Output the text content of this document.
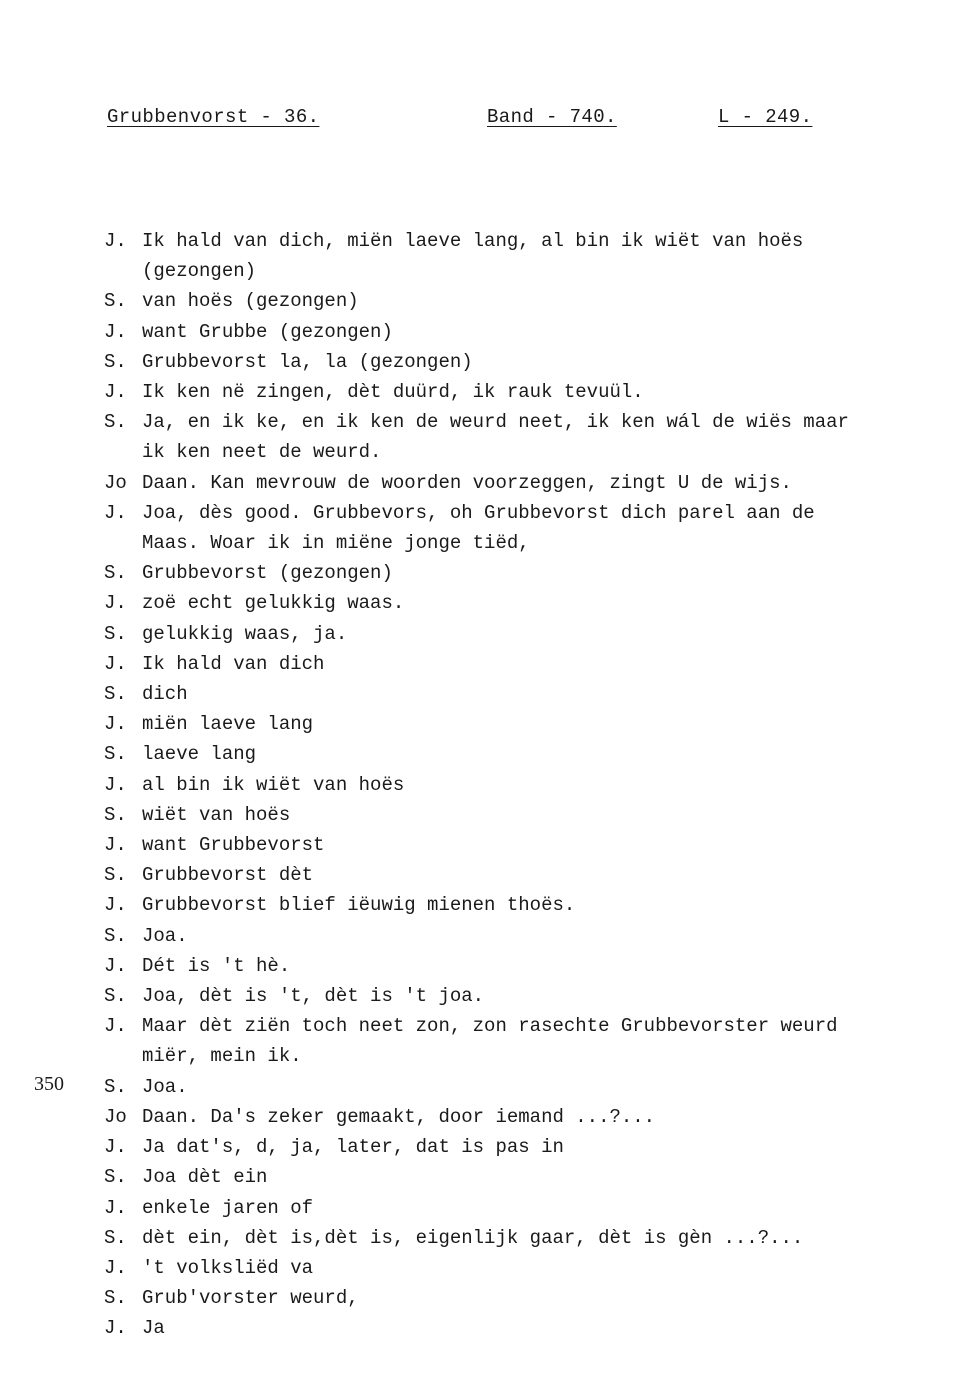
Grubbenvorst - 36.	Band - 740.	L - 249.
350
J. Ik hald van dich, miën laeve lang, al bin ik wiët van hoës (gezongen)
S. van hoës (gezongen)
J. want Grubbe (gezongen)
S. Grubbevorst la, la (gezongen)
J. Ik ken në zingen, dèt duürd, ik rauk tevuül.
S. Ja, en ik ke, en ik ken de weurd neet, ik ken wál de wiës maar ik ken neet de weurd.
Jo Daan. Kan mevrouw de woorden voorzeggen, zingt U de wijs.
J. Joa, dès good. Grubbevors, oh Grubbevorst dich parel aan de Maas. Woar ik in miëne jonge tiëd,
S. Grubbevorst (gezongen)
J. zoë echt gelukkig waas.
S. gelukkig waas, ja.
J. Ik hald van dich
S. dich
J. miën laeve lang
S. laeve lang
J. al bin ik wiët van hoës
S. wiët van hoës
J. want Grubbevorst
S. Grubbevorst dèt
J. Grubbevorst blief iëuwig mienen thoës.
S. Joa.
J. Dét is 't hè.
S. Joa, dèt is 't, dèt is 't joa.
J. Maar dèt ziën toch neet zon, zon rasechte Grubbevorster weurd miër, mein ik.
S. Joa.
Jo Daan. Da's zeker gemaakt, door iemand ...?...
J. Ja dat's, d, ja, later, dat is pas in
S. Joa dèt ein
J. enkele jaren of
S. dèt ein, dèt is,dèt is, eigenlijk gaar, dèt is gèn ...?...
J. 't volksliëd va
S. Grub'vorster weurd,
J. Ja
